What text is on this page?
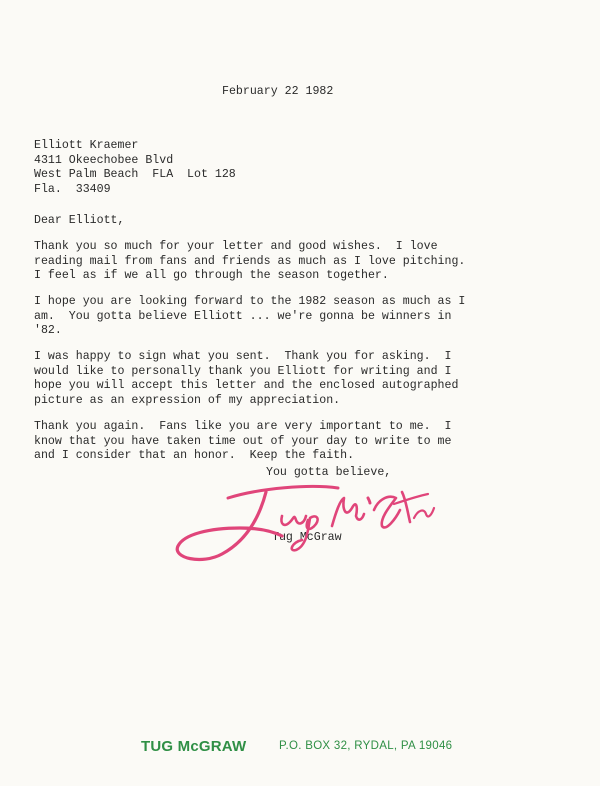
February 22 1982
Elliott Kraemer
4311 Okeechobee Blvd
West Palm Beach  FLA  Lot 128
Fla.  33409
Dear Elliott,
Thank you so much for your letter and good wishes.  I love
reading mail from fans and friends as much as I love pitching.
I feel as if we all go through the season together.
I hope you are looking forward to the 1982 season as much as I
am.  You gotta believe Elliott ... we're gonna be winners in
'82.
I was happy to sign what you sent.  Thank you for asking.  I
would like to personally thank you Elliott for writing and I
hope you will accept this letter and the enclosed autographed
picture as an expression of my appreciation.
Thank you again.  Fans like you are very important to me.  I
know that you have taken time out of your day to write to me
and I consider that an honor.  Keep the faith.
You gotta believe,
Tug McGraw
TUG McGRAW	P.O. BOX 32, RYDAL, PA 19046
